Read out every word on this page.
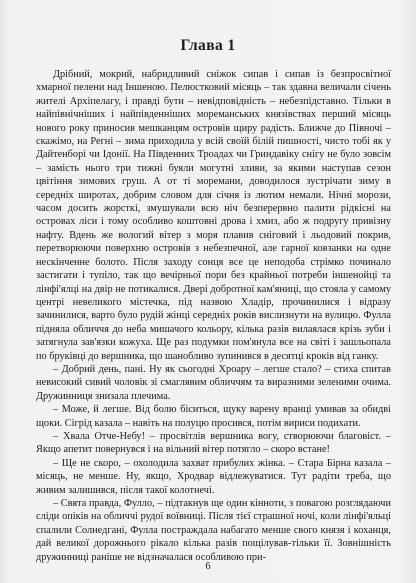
Глава 1

Дрібний, мокрий, набридливий сніжок сипав і сипав із безпросвітної хмарної пелени над Іншеною. Пелюстковий місяць – так здавна величали січень жителі Архіпелагу, і правді бути – невідповідність – небезпідставно. Тільки в найпівнічніших і найпівденніших мореманських князівствах перший місяць нового року приносив мешканцям островів щиру радість. Ближче до Півночі – скажімо, на Регні – зима приходила у всій своїй білій пишності, чисто тобі як у Дайтенборі чи Ідонії. На Південних Троадах чи Гриндавіку снігу не було зовсім – замість нього три тижні буяли могутні зливи, за якими наступав сезон цвітіння зимових груш. А от ті моремани, доводилося зустрічати зиму в середніх широтах, добрим словом для січня із лютим немали. Нічні морози, часом досить жорсткі, змушували всю ніч безперервно палити рідкісні на островах ліси і тому особливо коштовні дрова і хмиз, або ж подругу привізну нафту. Вдень же вологий вітер з моря плавив сніговий і льодовий покрив, перетворюючи поверхню островів з небезпечної, але гарної ковзанки на одне нескінченне болото. Після заходу сонця все це неподоба стрімко починало застигати і тупіло, так що вечірньої пори без крайньої потреби іншенойці та лінфі'ялці на двір не потикалися. Двері добротної кам'яниці, що стояла у самому центрі невеликого містечка, під назвою Хладір, прочинилися і відразу зачинилися, варто було рудій жінці середніх років вислизнути на вулицю. Фулла підняла обличчя до неба мишачого кольору, кілька разів вилаялася крізь зуби і затягнула зав'язки кожуха. Ще раз подумки пом'янула все на світі і зашльопала по бруківці до вершника, що шанобливо зупинився в десятці кроків від ганку.

– Добрий день, пані. Ну як сьогодні Хроару – легше стало? – стиха спитав невисокий сивий чоловік зі смаглявим обличчям та виразними зеленими очима. Дружинниця знизала плечима.

– Може, й легше. Від болю біситься, щуку варену вранці умивав за обидві щоки. Сігрід казала – навіть на полуцю просився, потім вириси подихати.

– Хвала Отче-Небу! – просвітлів вершника вогу, створюючи благовіст. – Якщо апетит повернувся і на вільний вітер потягло – скоро встане!

– Ще не скоро, – охолодила захват прибулих жінка. – Стара Бірна казала – місяць, не менше. Ну, якщо, Хродвар відлежуватися. Тут радіти треба, що живим залишився, після такої колотнечі.

– Свята правда, Фулло, – підтакнув ще один кінноти, з повагою розглядаючи сліди опіків на обличчі рудої воївниці. Після тієї страшної ночі, коли лінфі'яльці спалили Солнедгані, Фулла постраждала набагато менше свого князя і коханця, дай великої дорожнього рікало кілька разів пощілував-тільки її. Зовнішність дружинниці раніше не відзначалася особливою при-

6
